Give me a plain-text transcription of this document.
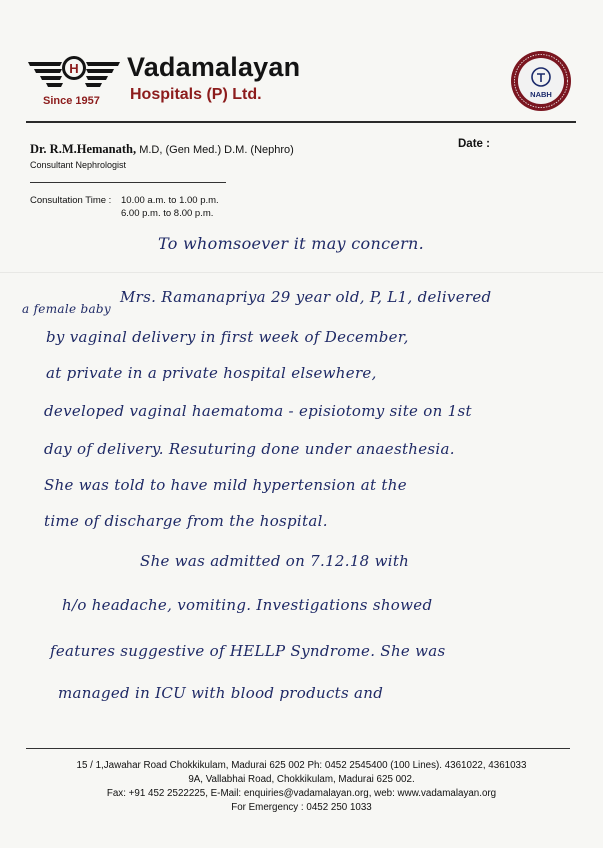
H Vadamalayan
Hospitals (P) Ltd.
Since 1957
NABH
Dr. R.M.Hemanath, M.D, (Gen Med.) D.M. (Nephro)
Consultant Nephrologist
Date :
Consultation Time : 10.00 a.m. to 1.00 p.m.
6.00 p.m. to 8.00 p.m.
To whomsoever it may concern.
a female baby
Mrs. Ramanapriya 29 year old, P, L1, delivered
by vaginal delivery in first week of December,
at private in a private hospital elsewhere,
developed vaginal haematoma - episiotomy site on 1st
day of delivery. Resuturing done under anaesthesia.
She was told to have mild hypertension at the
time of discharge from the hospital.
She was admitted on 7.12.18 with
h/o headache, vomiting. Investigations showed
features suggestive of HELLP Syndrome. She was
managed in ICU with blood products and
15 / 1,Jawahar Road Chokkikulam, Madurai 625 002 Ph: 0452 2545400 (100 Lines). 4361022, 4361033
9A, Vallabhai Road, Chokkikulam, Madurai 625 002.
Fax: +91 452 2522225, E-Mail: enquiries@vadamalayan.org, web: www.vadamalayan.org
For Emergency : 0452 250 1033
